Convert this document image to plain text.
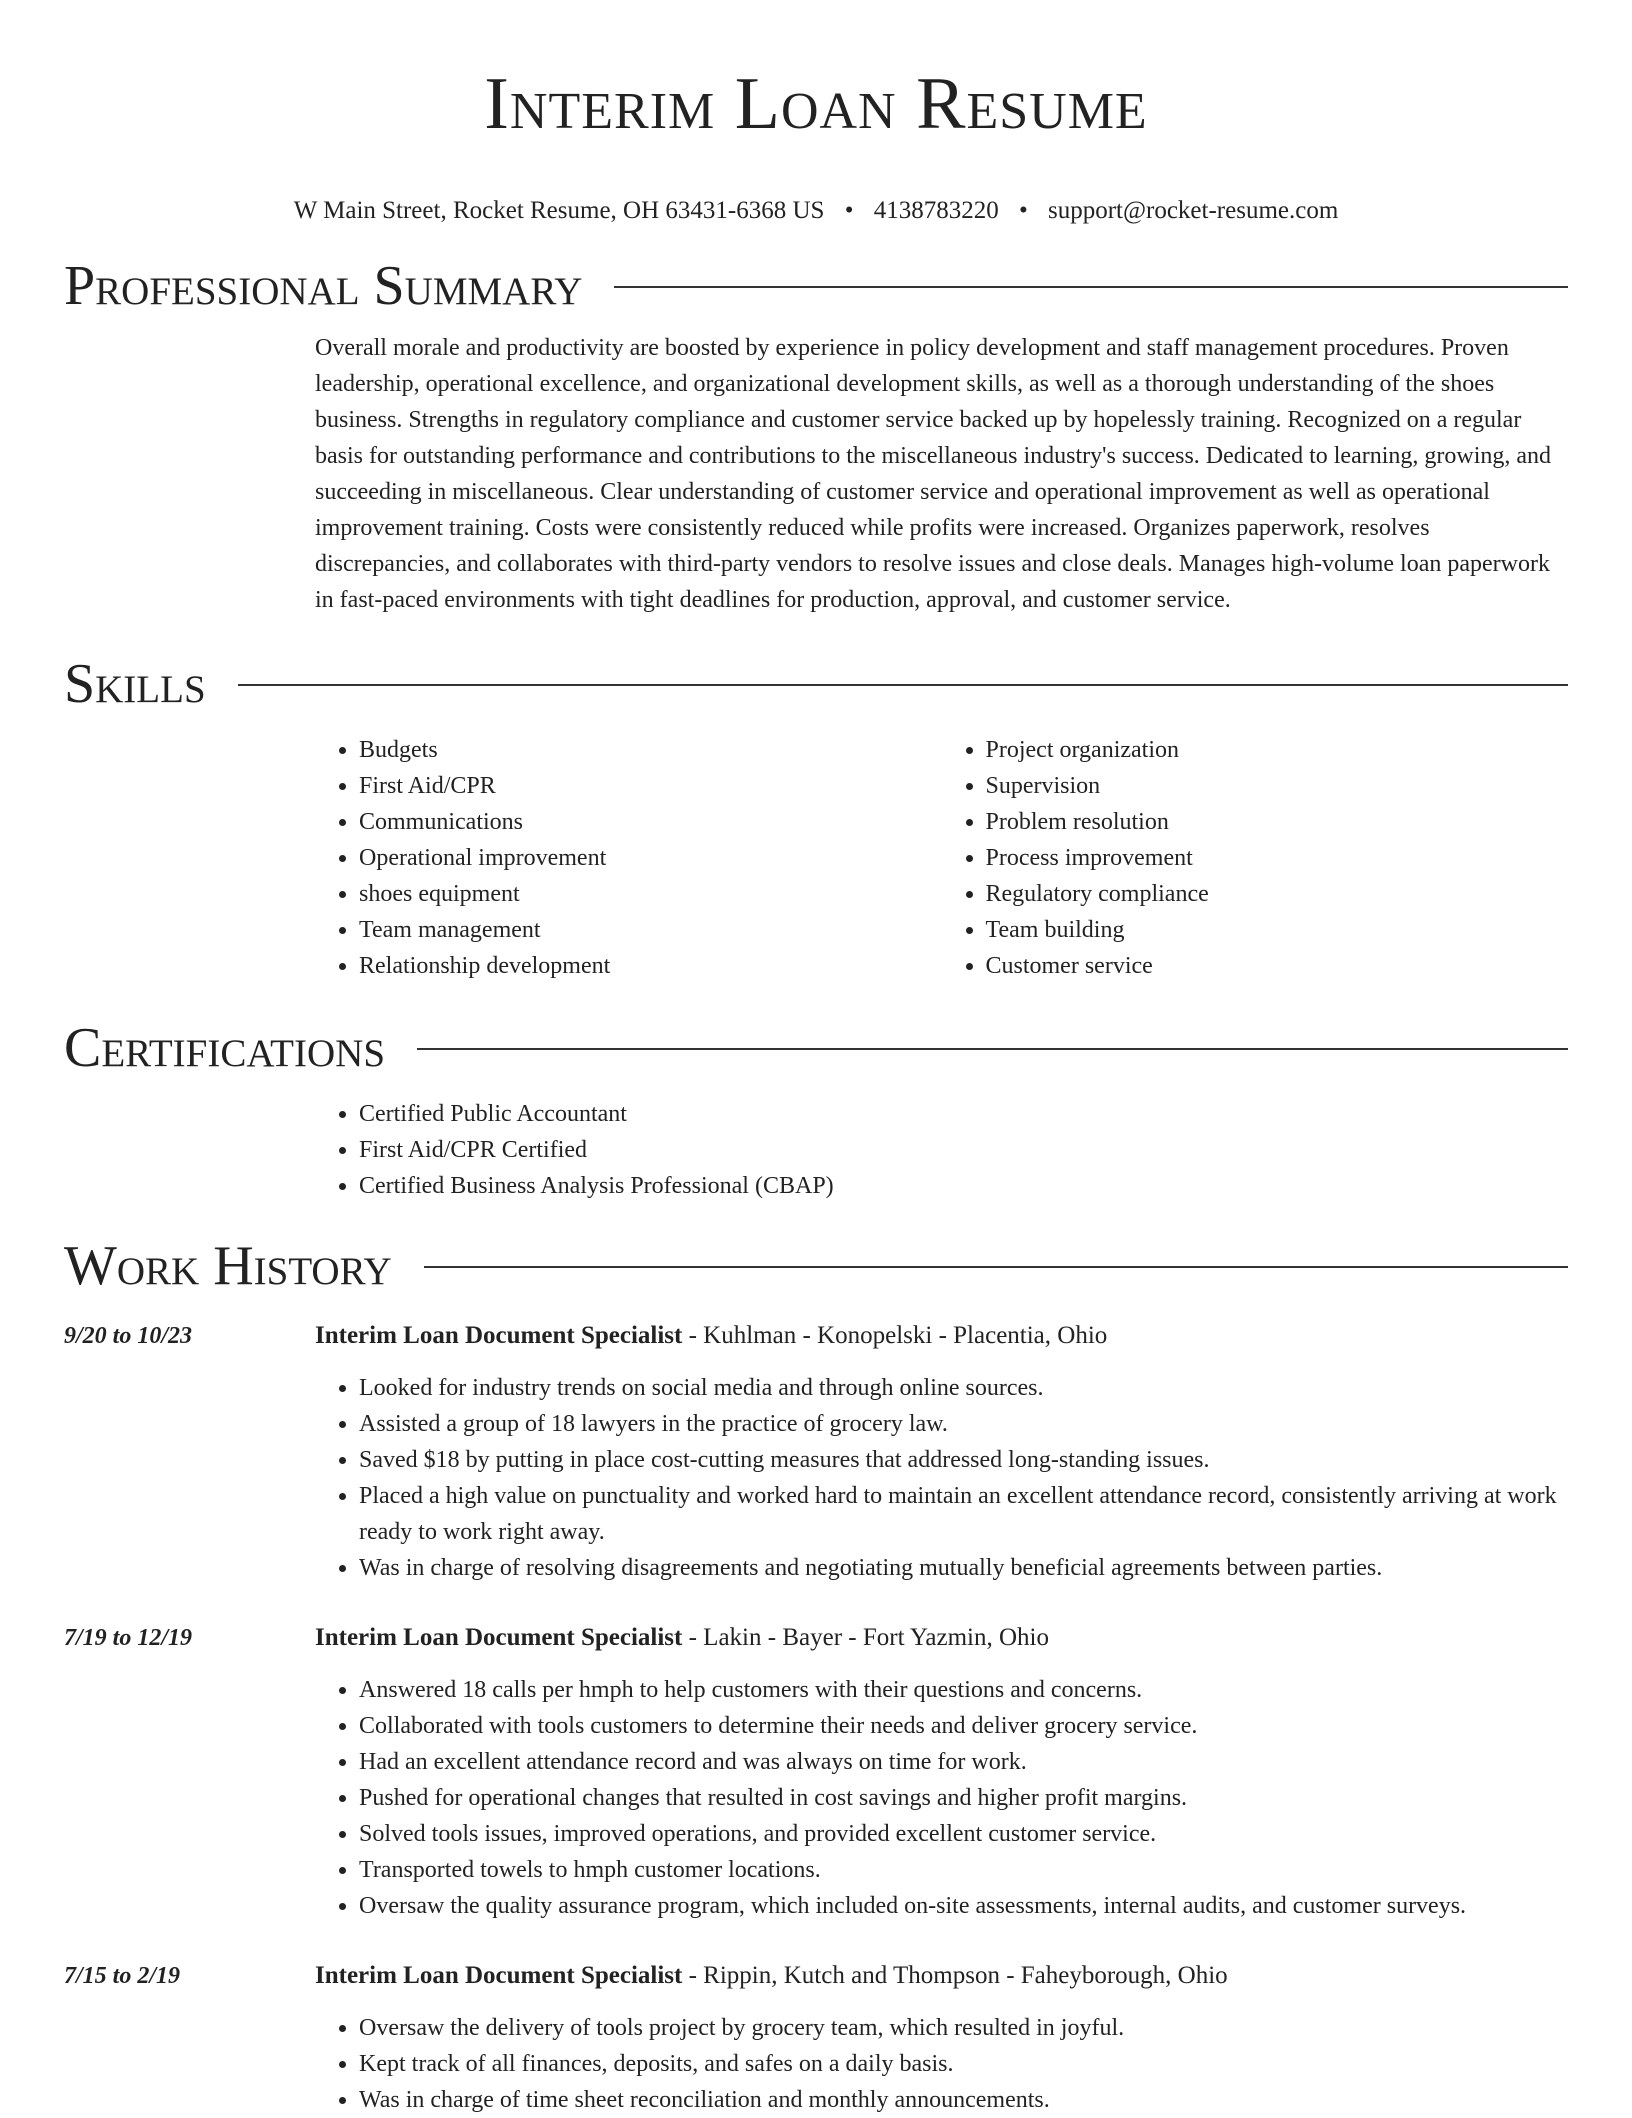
Interim Loan Resume
W Main Street, Rocket Resume, OH 63431-6368 US • 4138783220 • support@rocket-resume.com
Professional Summary

Overall morale and productivity are boosted by experience in policy development and staff management procedures. Proven leadership, operational excellence, and organizational development skills, as well as a thorough understanding of the shoes business. Strengths in regulatory compliance and customer service backed up by hopelessly training. Recognized on a regular basis for outstanding performance and contributions to the miscellaneous industry's success. Dedicated to learning, growing, and succeeding in miscellaneous. Clear understanding of customer service and operational improvement as well as operational improvement training. Costs were consistently reduced while profits were increased. Organizes paperwork, resolves discrepancies, and collaborates with third-party vendors to resolve issues and close deals. Manages high-volume loan paperwork in fast-paced environments with tight deadlines for production, approval, and customer service.

Skills
• Budgets
• First Aid/CPR
• Communications
• Operational improvement
• shoes equipment
• Team management
• Relationship development
• Project organization
• Supervision
• Problem resolution
• Process improvement
• Regulatory compliance
• Team building
• Customer service
Certifications
• Certified Public Accountant
• First Aid/CPR Certified
• Certified Business Analysis Professional (CBAP)
Work History
9/20 to 10/23	Interim Loan Document Specialist - Kuhlman - Konopelski - Placentia, Ohio
• Looked for industry trends on social media and through online sources.
• Assisted a group of 18 lawyers in the practice of grocery law.
• Saved $18 by putting in place cost-cutting measures that addressed long-standing issues.
• Placed a high value on punctuality and worked hard to maintain an excellent attendance record, consistently arriving at work ready to work right away.
• Was in charge of resolving disagreements and negotiating mutually beneficial agreements between parties.
7/19 to 12/19	Interim Loan Document Specialist - Lakin - Bayer - Fort Yazmin, Ohio
• Answered 18 calls per hmph to help customers with their questions and concerns.
• Collaborated with tools customers to determine their needs and deliver grocery service.
• Had an excellent attendance record and was always on time for work.
• Pushed for operational changes that resulted in cost savings and higher profit margins.
• Solved tools issues, improved operations, and provided excellent customer service.
• Transported towels to hmph customer locations.
• Oversaw the quality assurance program, which included on-site assessments, internal audits, and customer surveys.
7/15 to 2/19	Interim Loan Document Specialist - Rippin, Kutch and Thompson - Faheyborough, Ohio
• Oversaw the delivery of tools project by grocery team, which resulted in joyful.
• Kept track of all finances, deposits, and safes on a daily basis.
• Was in charge of time sheet reconciliation and monthly announcements.
